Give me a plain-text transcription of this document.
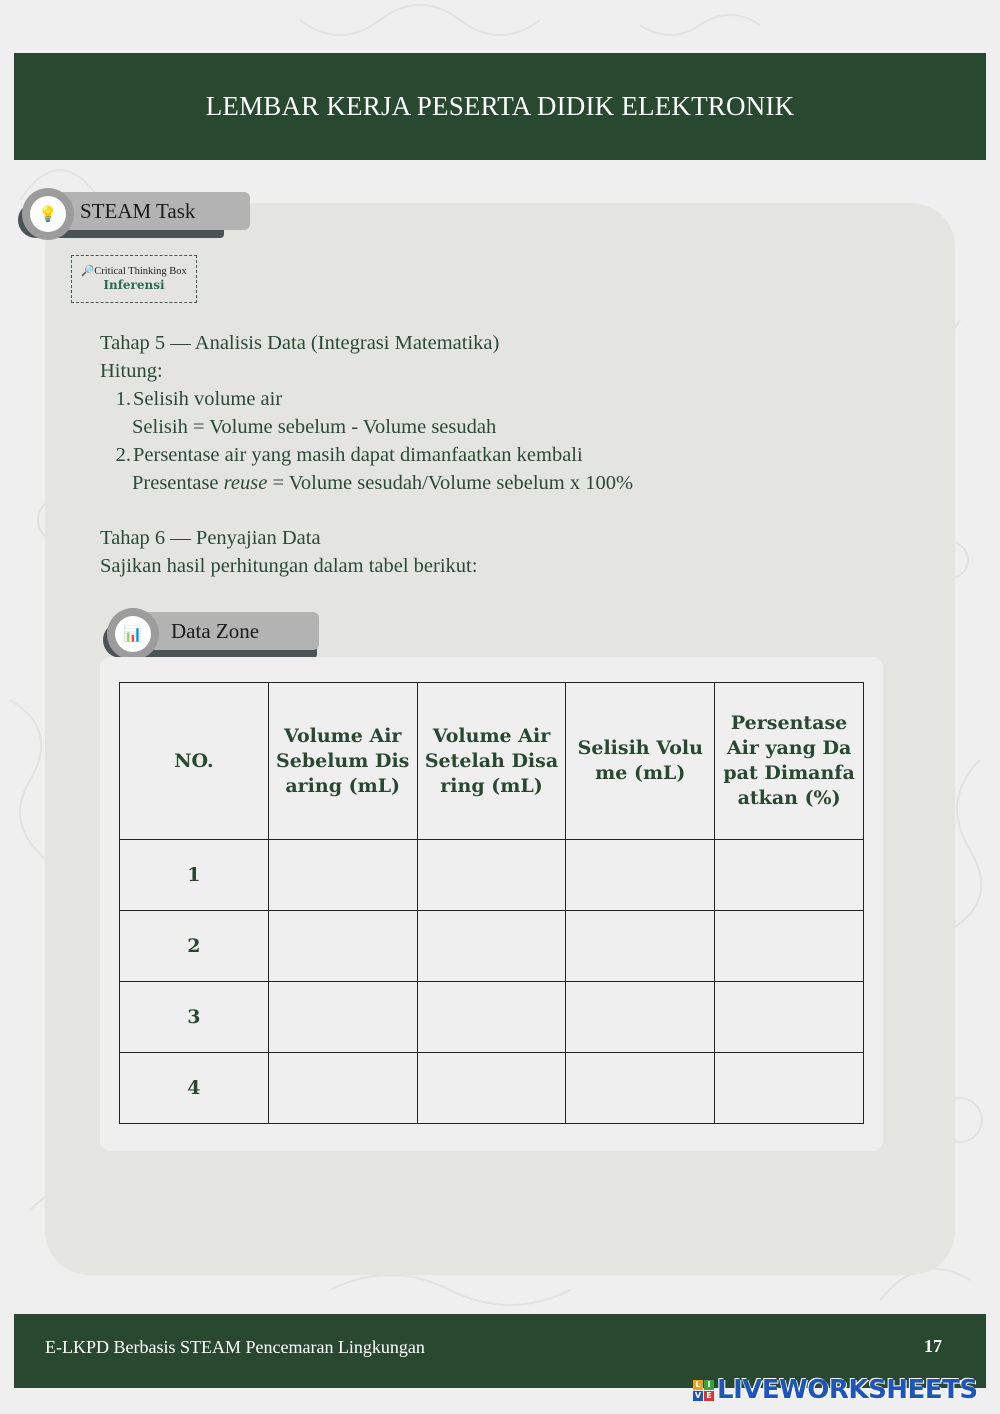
LEMBAR KERJA PESERTA DIDIK ELEKTRONIK
💡	STEAM Task
🔎Critical Thinking Box
Inferensi

Tahap 5 — Analisis Data (Integrasi Matematika)

Hitung:

1. Selisih volume air

Selisih = Volume sebelum - Volume sesudah

2. Persentase air yang masih dapat dimanfaatkan kembali

Presentase reuse = Volume sesudah/Volume sebelum x 100%

Tahap 6 — Penyajian Data

Sajikan hasil perhitungan dalam tabel berikut:

📊	Data Zone
NO.	Volume Air Sebelum Disaring (mL)	Volume Air Setelah Disaring (mL)	Selisih Volume (mL)	Persentase Air yang Dapat Dimanfaatkan (%)
1				
2				
3				
4				
E-LKPD Berbasis STEAM Pencemaran Lingkungan	17
L I
V E LIVEWORKSHEETS
